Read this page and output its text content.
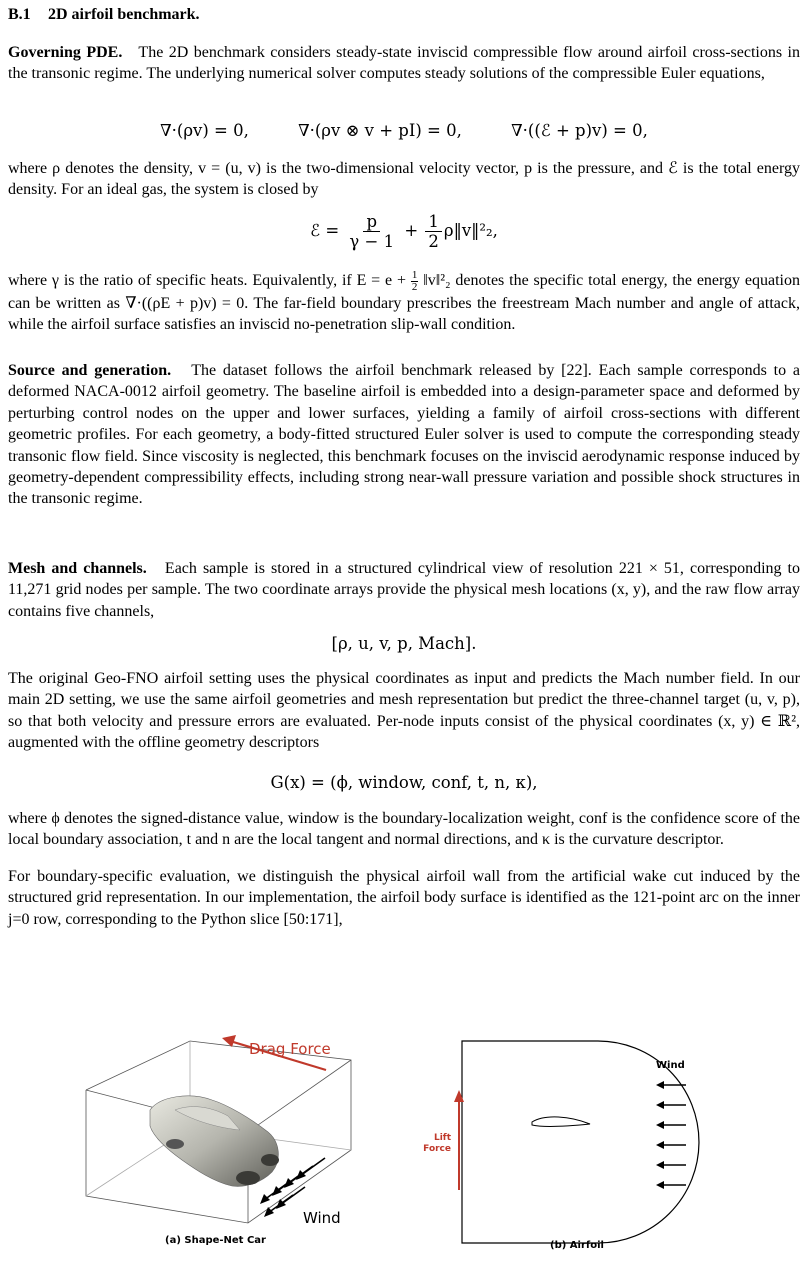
B.1 2D airfoil benchmark.

Governing PDE. The 2D benchmark considers steady-state inviscid compressible flow around airfoil cross-sections in the transonic regime. The underlying numerical solver computes steady solutions of the compressible Euler equations,

∇·(ρv) = 0,	∇·(ρv ⊗ v + pI) = 0,	∇·((ℰ + p)v) = 0,

where ρ denotes the density, v = (u, v) is the two-dimensional velocity vector, p is the pressure, and ℰ is the total energy density. For an ideal gas, the system is closed by

ℰ = $\frac{p}{\gamma - 1} + \frac{1}{2}$ ρ‖v‖²₂,

where γ is the ratio of specific heats. Equivalently, if $E = e + \frac{1}{2}$ ‖v‖²₂ denotes the specific total energy, the energy equation can be written as ∇·((ρE + p)v) = 0. The far-field boundary prescribes the freestream Mach number and angle of attack, while the airfoil surface satisfies an inviscid no-penetration slip-wall condition.

Source and generation. The dataset follows the airfoil benchmark released by [22]. Each sample corresponds to a deformed NACA-0012 airfoil geometry. The baseline airfoil is embedded into a design-parameter space and deformed by perturbing control nodes on the upper and lower surfaces, yielding a family of airfoil cross-sections with different geometric profiles. For each geometry, a body-fitted structured Euler solver is used to compute the corresponding steady transonic flow field. Since viscosity is neglected, this benchmark focuses on the inviscid aerodynamic response induced by geometry-dependent compressibility effects, including strong near-wall pressure variation and possible shock structures in the transonic regime.

Mesh and channels. Each sample is stored in a structured cylindrical view of resolution 221 × 51, corresponding to 11,271 grid nodes per sample. The two coordinate arrays provide the physical mesh locations (x, y), and the raw flow array contains five channels,

[ρ, u, v, p, Mach].

The original Geo-FNO airfoil setting uses the physical coordinates as input and predicts the Mach number field. In our main 2D setting, we use the same airfoil geometries and mesh representation but predict the three-channel target (u, v, p), so that both velocity and pressure errors are evaluated. Per-node inputs consist of the physical coordinates (x, y) ∈ ℝ², augmented with the offline geometry descriptors

G(x) = (ϕ, window, conf, t, n, κ),

where ϕ denotes the signed-distance value, window is the boundary-localization weight, conf is the confidence score of the local boundary association, t and n are the local tangent and normal directions, and κ is the curvature descriptor.

For boundary-specific evaluation, we distinguish the physical airfoil wall from the artificial wake cut induced by the structured grid representation. In our implementation, the airfoil body surface is identified as the 121-point arc on the inner j=0 row, corresponding to the Python slice [50:171],

Drag Force
Wind
Lift
Force
Wind
(a) Shape-Net Car	(b) Airfoil
